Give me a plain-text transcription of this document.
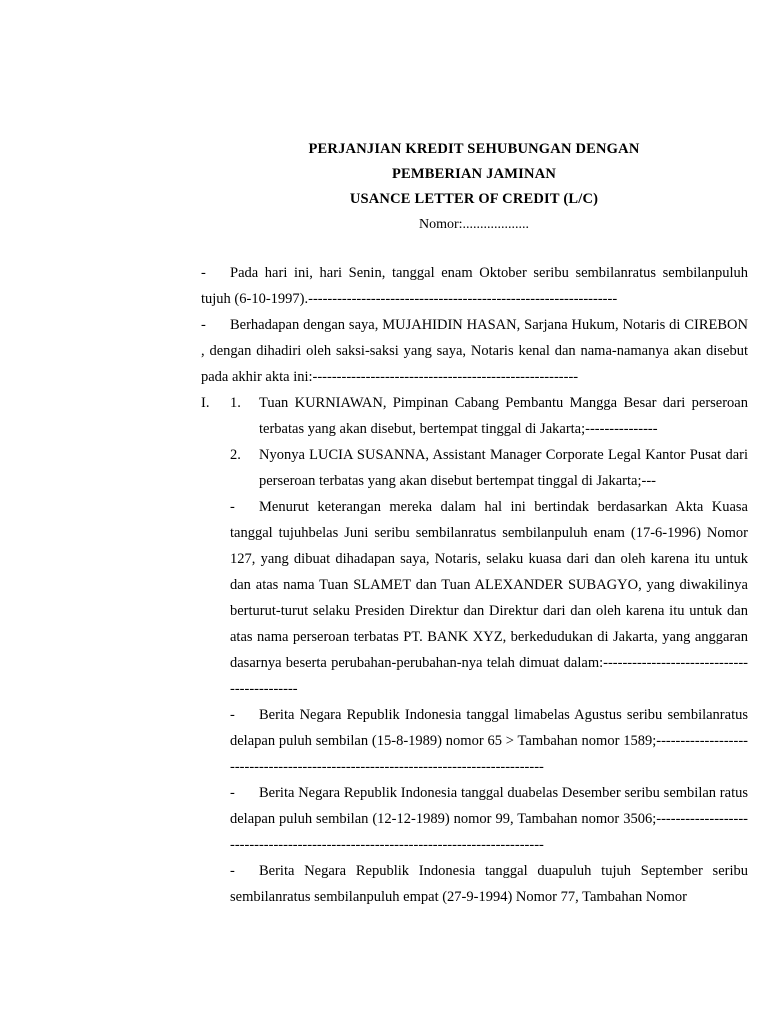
PERJANJIAN KREDIT SEHUBUNGAN DENGAN
PEMBERIAN JAMINAN
USANCE LETTER OF CREDIT (L/C)
Nomor:...................

- Pada hari ini, hari Senin, tanggal enam Oktober seribu sembilanratus sembilanpuluh tujuh (6-10-1997).----------------------------------------------------------------

- Berhadapan dengan saya, MUJAHIDIN HASAN, Sarjana Hukum, Notaris di CIREBON , dengan dihadiri oleh saksi-saksi yang saya, Notaris kenal dan nama-namanya akan disebut pada akhir akta ini:-------------------------------------------------------

I. 1. Tuan KURNIAWAN, Pimpinan Cabang Pembantu Mangga Besar dari perseroan terbatas yang akan disebut, bertempat tinggal di Jakarta;---------------
2. Nyonya LUCIA SUSANNA, Assistant Manager Corporate Legal Kantor Pusat dari perseroan terbatas yang akan disebut bertempat tinggal di Jakarta;---
- Menurut keterangan mereka dalam hal ini bertindak berdasarkan Akta Kuasa tanggal tujuhbelas Juni seribu sembilanratus sembilanpuluh enam (17-6-1996) Nomor 127, yang dibuat dihadapan saya, Notaris, selaku kuasa dari dan oleh karena itu untuk dan atas nama Tuan SLAMET dan Tuan ALEXANDER SUBAGYO, yang diwakilinya berturut-turut selaku Presiden Direktur dan Direktur dari dan oleh karena itu untuk dan atas nama perseroan terbatas PT. BANK XYZ, berkedudukan di Jakarta, yang anggaran dasarnya beserta perubahan-perubahan-nya telah dimuat dalam:--------------------------------------------
- Berita Negara Republik Indonesia tanggal limabelas Agustus seribu sembilanratus delapan puluh sembilan (15-8-1989) nomor 65 > Tambahan nomor 1589;------------------------------------------------------------------------------------
- Berita Negara Republik Indonesia tanggal duabelas Desember seribu sembilan ratus delapan puluh sembilan (12-12-1989) nomor 99, Tambahan nomor 3506;------------------------------------------------------------------------------------
- Berita Negara Republik Indonesia tanggal duapuluh tujuh September seribu sembilanratus sembilanpuluh empat (27-9-1994) Nomor 77, Tambahan Nomor
